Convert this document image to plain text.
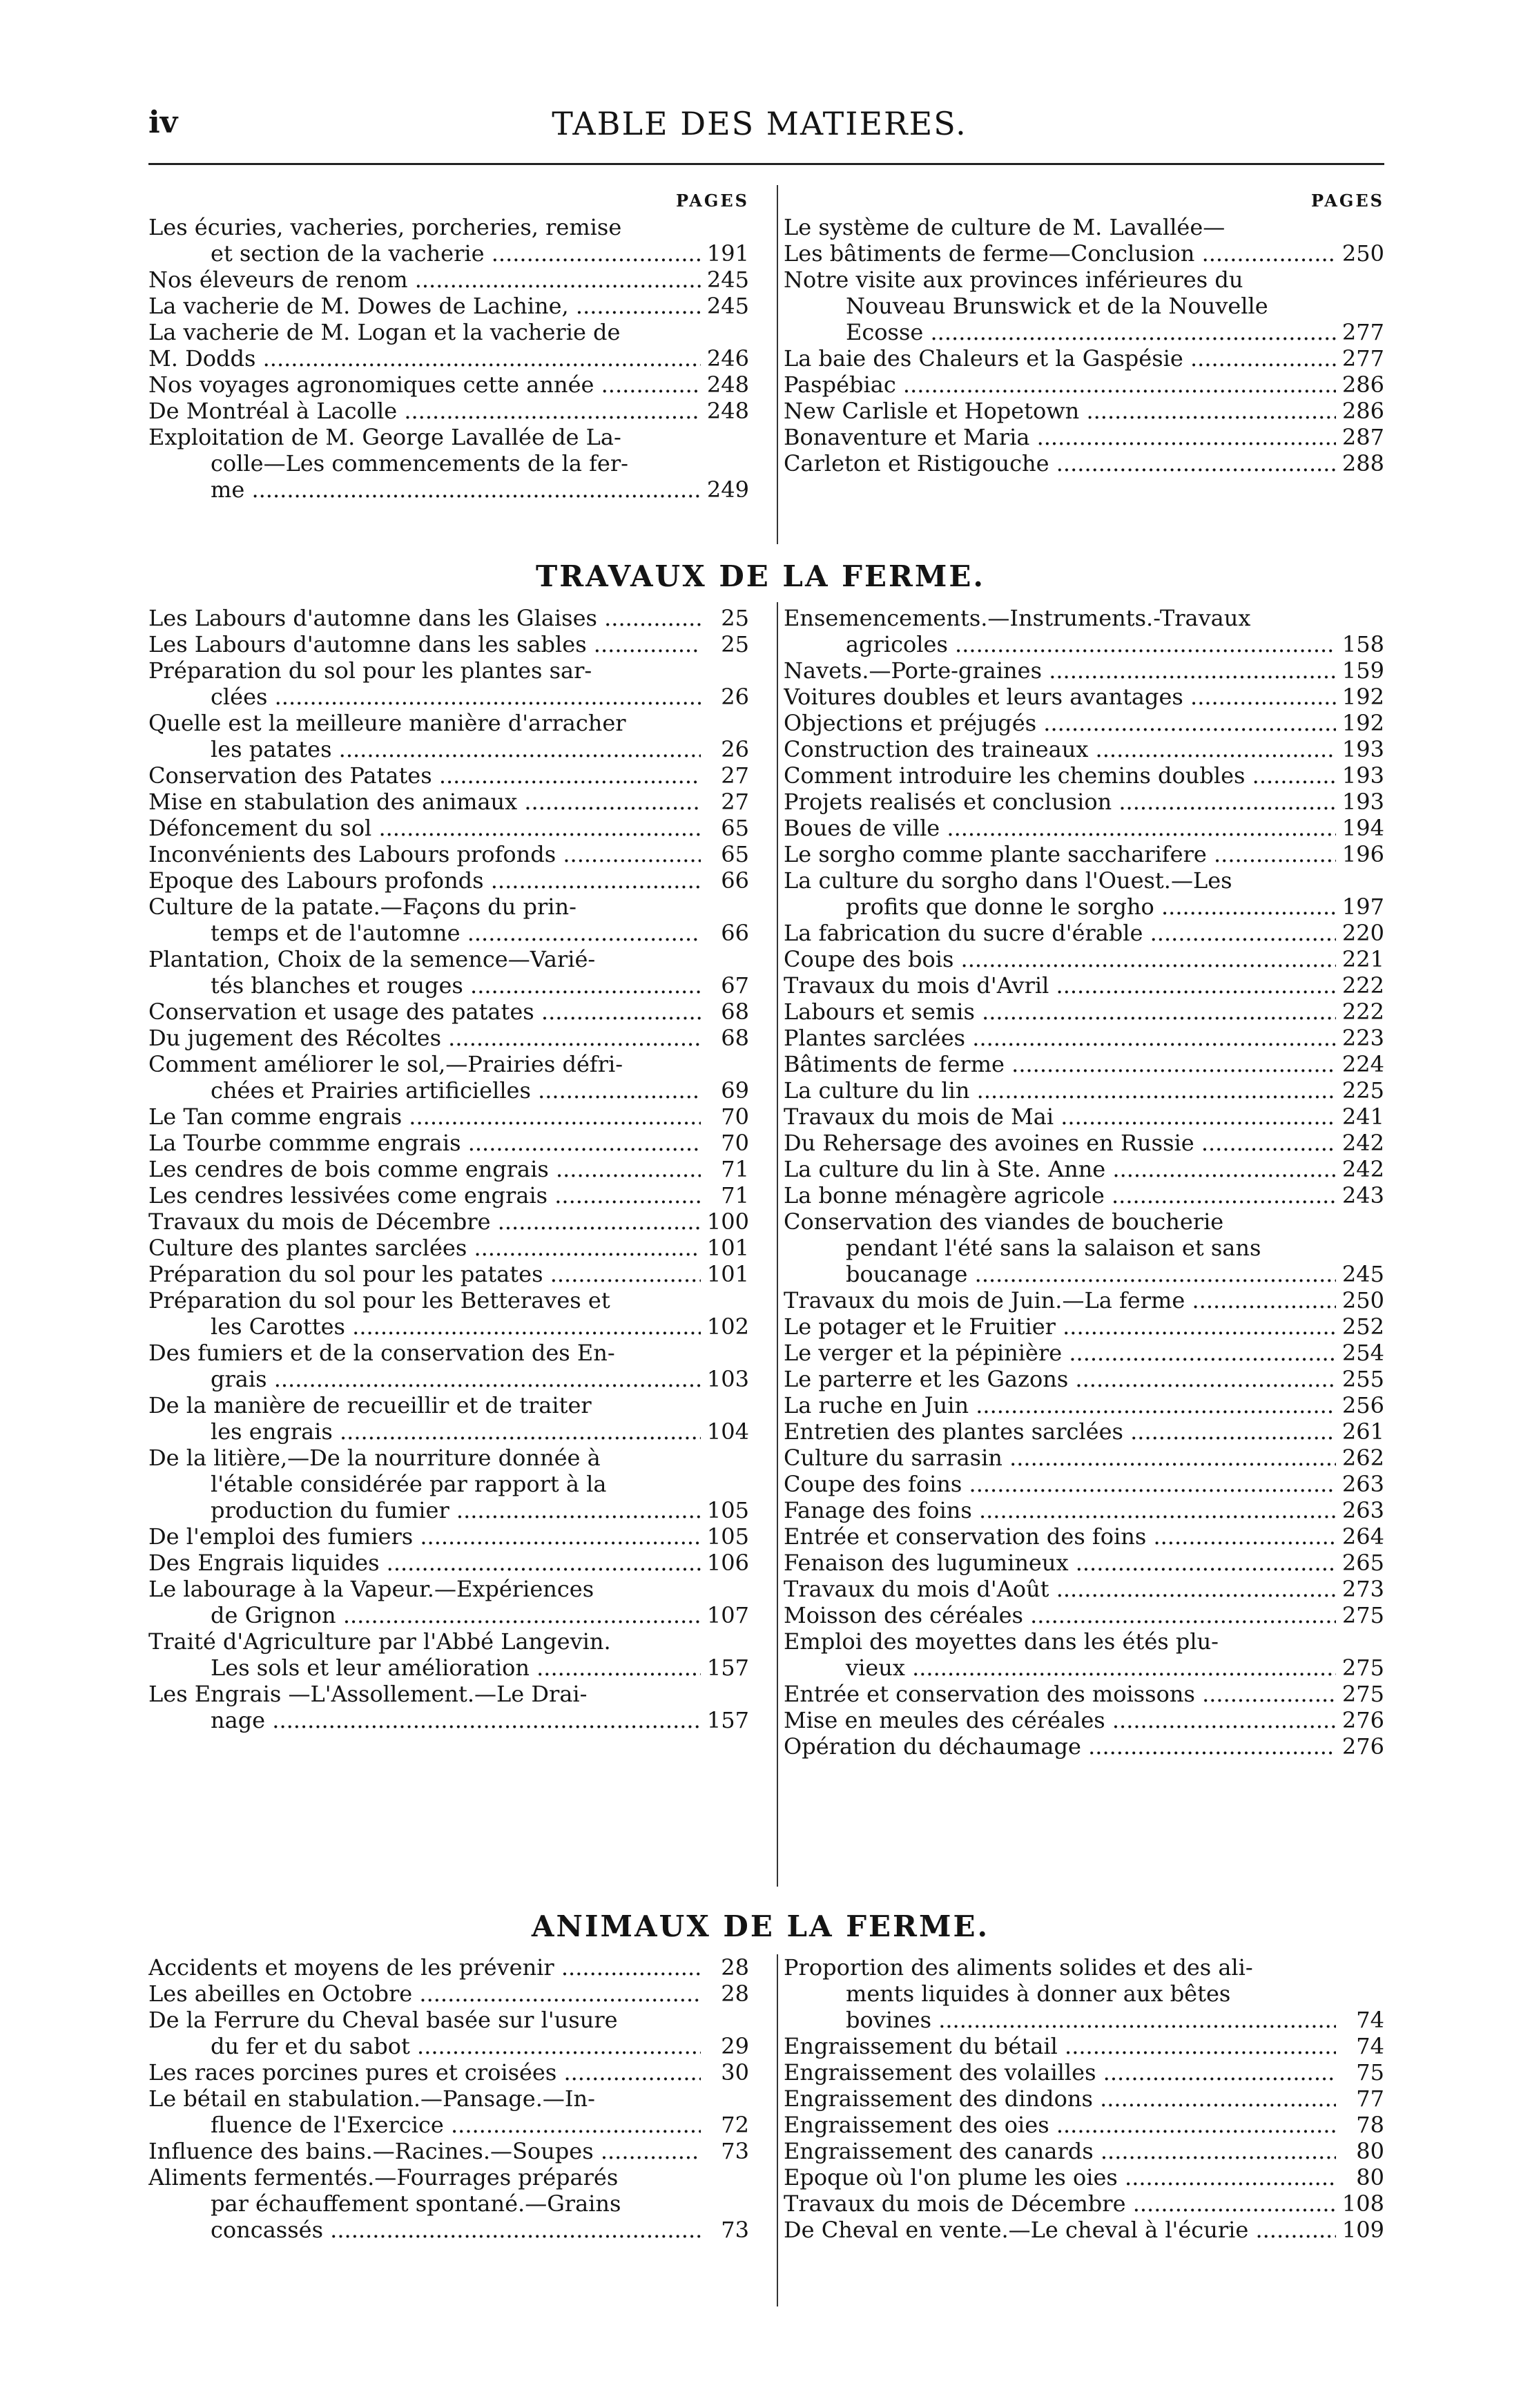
iv	TABLE DES MATIERES.
PAGES
Les écuries, vacheries, porcheries, remise
et section de la vacherie .....	191
Nos éleveurs de renom .....	245
La vacherie de M. Dowes de Lachine, .....	245
La vacherie de M. Logan et la vacherie de
M. Dodds .....	246
Nos voyages agronomiques cette année .....	248
De Montréal à Lacolle .....	248
Exploitation de M. George Lavallée de La-
colle—Les commencements de la fer-
me .....	249
PAGES
Le système de culture de M. Lavallée—
Les bâtiments de ferme—Conclusion .....	250
Notre visite aux provinces inférieures du
Nouveau Brunswick et de la Nouvelle
Ecosse .....	277
La baie des Chaleurs et la Gaspésie .....	277
Paspébiac .....	286
New Carlisle et Hopetown .....	286
Bonaventure et Maria .....	287
Carleton et Ristigouche .....	288
TRAVAUX DE LA FERME.
Les Labours d'automne dans les Glaises .....	25
Les Labours d'automne dans les sables .....	25
Préparation du sol pour les plantes sar-
clées .....	26
Quelle est la meilleure manière d'arracher
les patates .....	26
Conservation des Patates .....	27
Mise en stabulation des animaux .....	27
Défoncement du sol .....	65
Inconvénients des Labours profonds .....	65
Epoque des Labours profonds .....	66
Culture de la patate.—Façons du prin-
temps et de l'automne .....	66
Plantation, Choix de la semence—Varié-
tés blanches et rouges .....	67
Conservation et usage des patates .....	68
Du jugement des Récoltes .....	68
Comment améliorer le sol,—Prairies défri-
chées et Prairies artificielles .....	69
Le Tan comme engrais .....	70
La Tourbe commme engrais .....	70
Les cendres de bois comme engrais .....	71
Les cendres lessivées come engrais .....	71
Travaux du mois de Décembre .....	100
Culture des plantes sarclées .....	101
Préparation du sol pour les patates .....	101
Préparation du sol pour les Betteraves et
les Carottes .....	102
Des fumiers et de la conservation des En-
grais .....	103
De la manière de recueillir et de traiter
les engrais .....	104
De la litière,—De la nourriture donnée à
l'étable considérée par rapport à la
production du fumier .....	105
De l'emploi des fumiers .....	105
Des Engrais liquides .....	106
Le labourage à la Vapeur.—Expériences
de Grignon .....	107
Traité d'Agriculture par l'Abbé Langevin.
Les sols et leur amélioration .....	157
Les Engrais —L'Assollement.—Le Drai-
nage .....	157
Ensemencements.—Instruments.-Travaux
agricoles .....	158
Navets.—Porte-graines .....	159
Voitures doubles et leurs avantages .....	192
Objections et préjugés .....	192
Construction des traineaux .....	193
Comment introduire les chemins doubles .....	193
Projets realisés et conclusion .....	193
Boues de ville .....	194
Le sorgho comme plante saccharifere .....	196
La culture du sorgho dans l'Ouest.—Les
profits que donne le sorgho .....	197
La fabrication du sucre d'érable .....	220
Coupe des bois .....	221
Travaux du mois d'Avril .....	222
Labours et semis .....	222
Plantes sarclées .....	223
Bâtiments de ferme .....	224
La culture du lin .....	225
Travaux du mois de Mai .....	241
Du Rehersage des avoines en Russie .....	242
La culture du lin à Ste. Anne .....	242
La bonne ménagère agricole .....	243
Conservation des viandes de boucherie
pendant l'été sans la salaison et sans
boucanage .....	245
Travaux du mois de Juin.—La ferme .....	250
Le potager et le Fruitier .....	252
Le verger et la pépinière .....	254
Le parterre et les Gazons .....	255
La ruche en Juin .....	256
Entretien des plantes sarclées .....	261
Culture du sarrasin .....	262
Coupe des foins .....	263
Fanage des foins .....	263
Entrée et conservation des foins .....	264
Fenaison des lugumineux .....	265
Travaux du mois d'Août .....	273
Moisson des céréales .....	275
Emploi des moyettes dans les étés plu-
vieux .....	275
Entrée et conservation des moissons .....	275
Mise en meules des céréales .....	276
Opération du déchaumage .....	276
ANIMAUX DE LA FERME.
Accidents et moyens de les prévenir .....	28
Les abeilles en Octobre .....	28
De la Ferrure du Cheval basée sur l'usure
du fer et du sabot .....	29
Les races porcines pures et croisées .....	30
Le bétail en stabulation.—Pansage.—In-
fluence de l'Exercice .....	72
Influence des bains.—Racines.—Soupes .....	73
Aliments fermentés.—Fourrages préparés
par échauffement spontané.—Grains
concassés .....	73
Proportion des aliments solides et des ali-
ments liquides à donner aux bêtes
bovines .....	74
Engraissement du bétail .....	74
Engraissement des volailles .....	75
Engraissement des dindons .....	77
Engraissement des oies .....	78
Engraissement des canards .....	80
Epoque où l'on plume les oies .....	80
Travaux du mois de Décembre .....	108
De Cheval en vente.—Le cheval à l'écurie .....	109
